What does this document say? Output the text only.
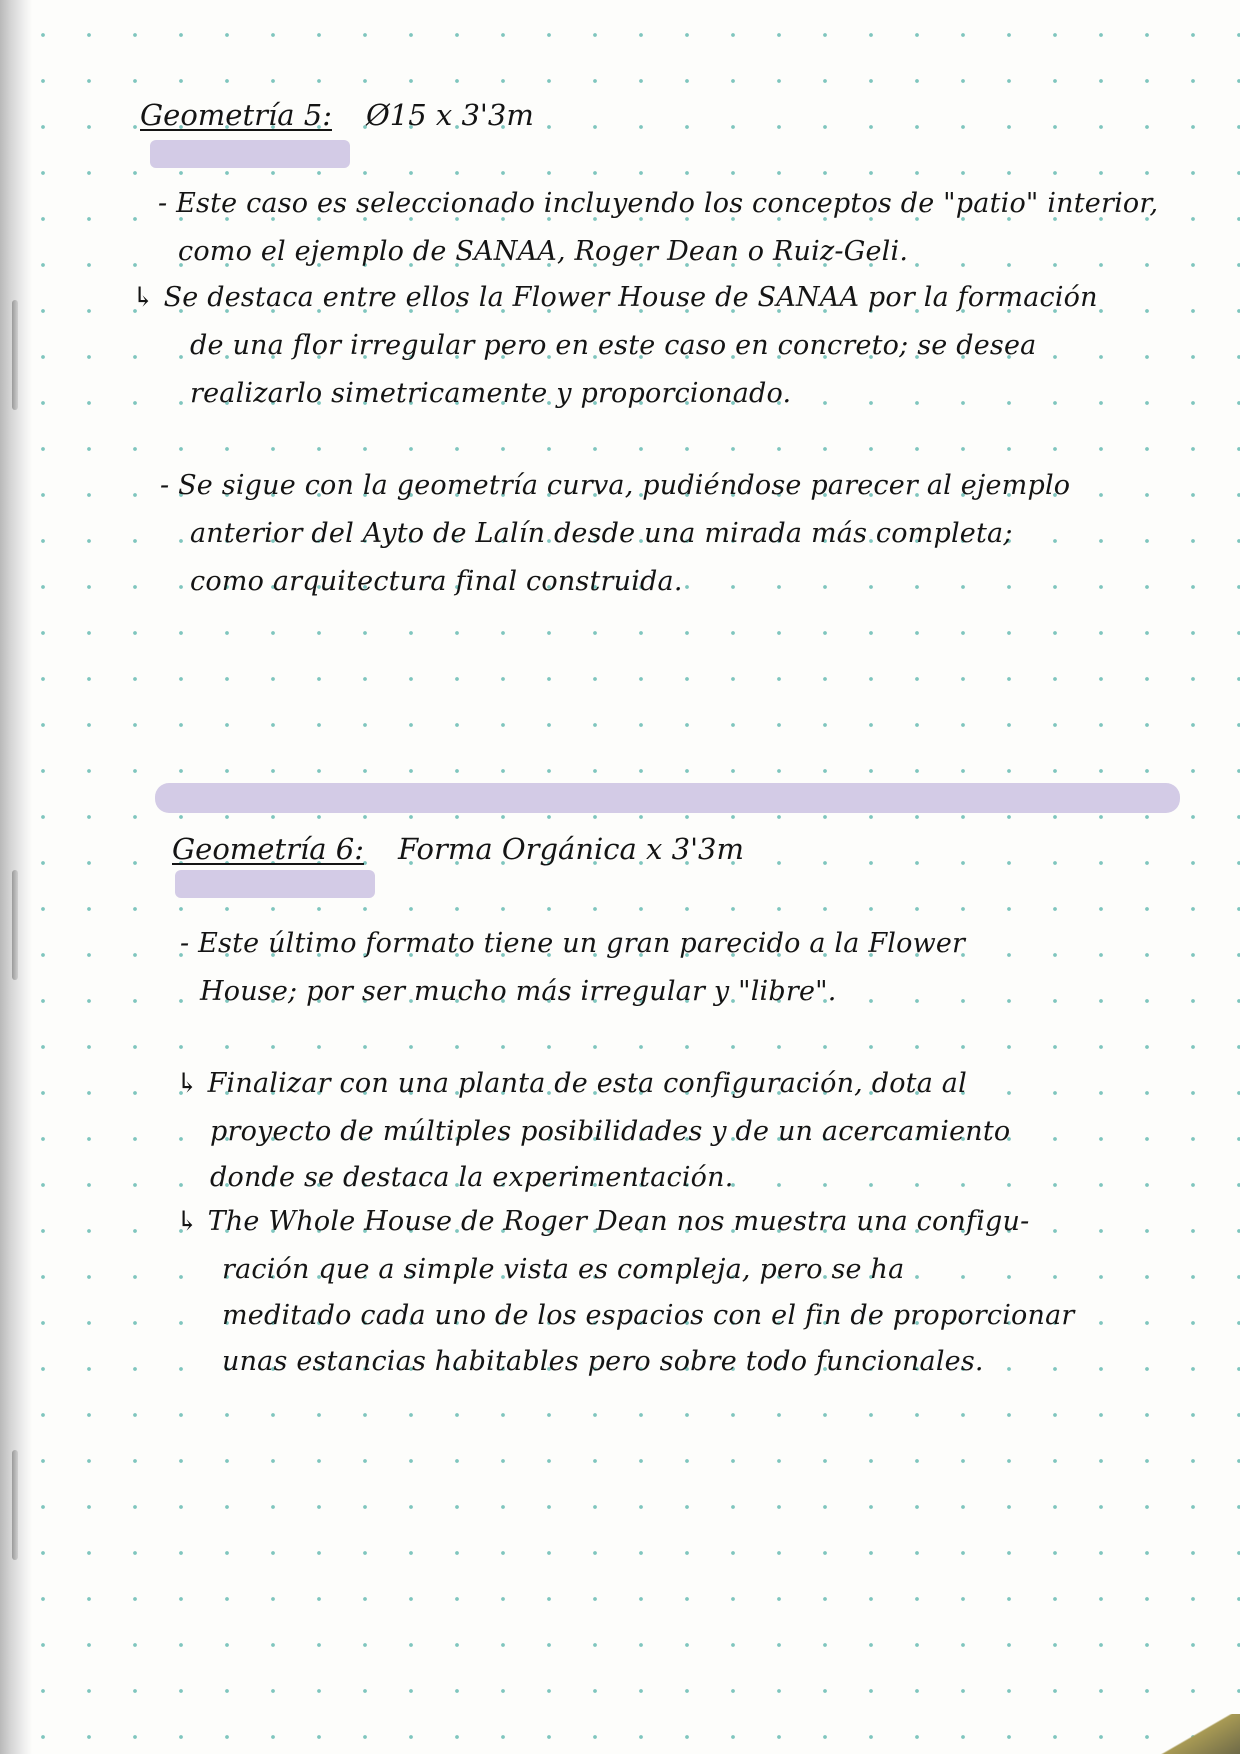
Geometría 5: Ø15 x 3'3m
- Este caso es seleccionado incluyendo los conceptos de "patio" interior,
como el ejemplo de SANAA, Roger Dean o Ruiz-Geli.
↳ Se destaca entre ellos la Flower House de SANAA por la formación
de una flor irregular pero en este caso en concreto; se desea
realizarlo simetricamente y proporcionado.
- Se sigue con la geometría curva, pudiéndose parecer al ejemplo
anterior del Ayto de Lalín desde una mirada más completa;
como arquitectura final construida.
Geometría 6: Forma Orgánica x 3'3m
- Este último formato tiene un gran parecido a la Flower
House; por ser mucho más irregular y "libre".
↳ Finalizar con una planta de esta configuración, dota al
proyecto de múltiples posibilidades y de un acercamiento
donde se destaca la experimentación.
↳ The Whole House de Roger Dean nos muestra una configu-
ración que a simple vista es compleja, pero se ha
meditado cada uno de los espacios con el fin de proporcionar
unas estancias habitables pero sobre todo funcionales.
